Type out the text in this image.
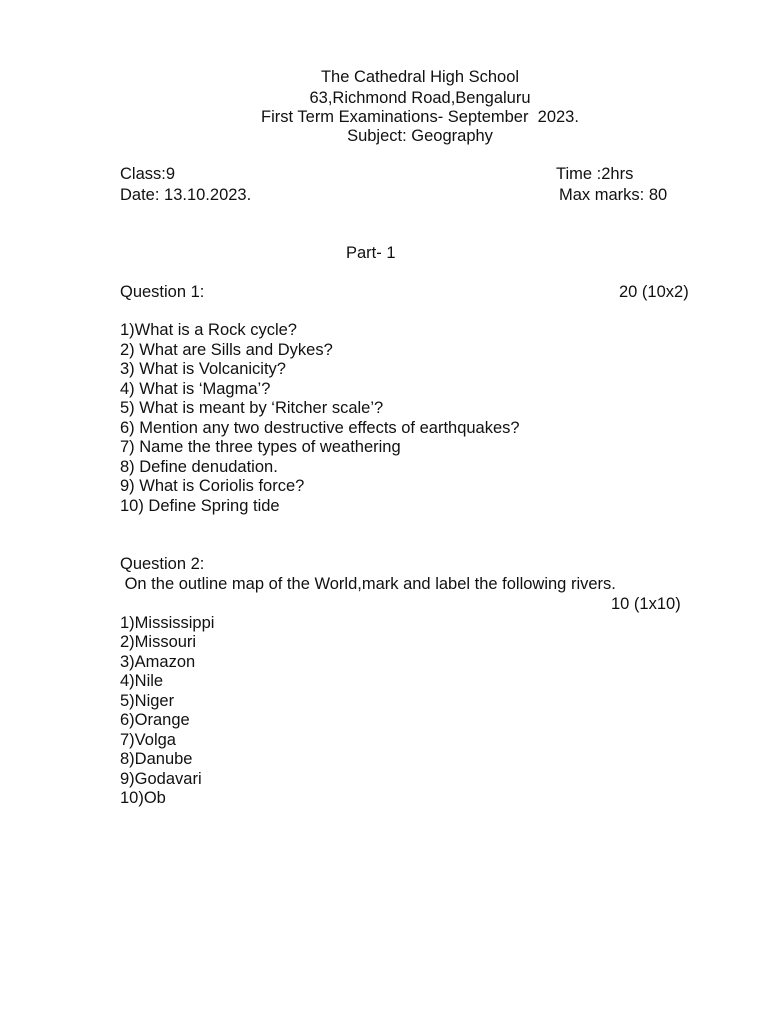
The Cathedral High School
63,Richmond Road,Bengaluru
First Term Examinations- September  2023.
Subject: Geography
Class:9	Time :2hrs
Date: 13.10.2023.	Max marks: 80
Part- 1
Question 1:	20 (10x2)
1)What is a Rock cycle?
2) What are Sills and Dykes?
3) What is Volcanicity?
4) What is ‘Magma’?
5) What is meant by ‘Ritcher scale’?
6) Mention any two destructive effects of earthquakes?
7) Name the three types of weathering
8) Define denudation.
9) What is Coriolis force?
10) Define Spring tide
Question 2:
On the outline map of the World,mark and label the following rivers.
10 (1x10)
1)Mississippi
2)Missouri
3)Amazon
4)Nile
5)Niger
6)Orange
7)Volga
8)Danube
9)Godavari
10)Ob
